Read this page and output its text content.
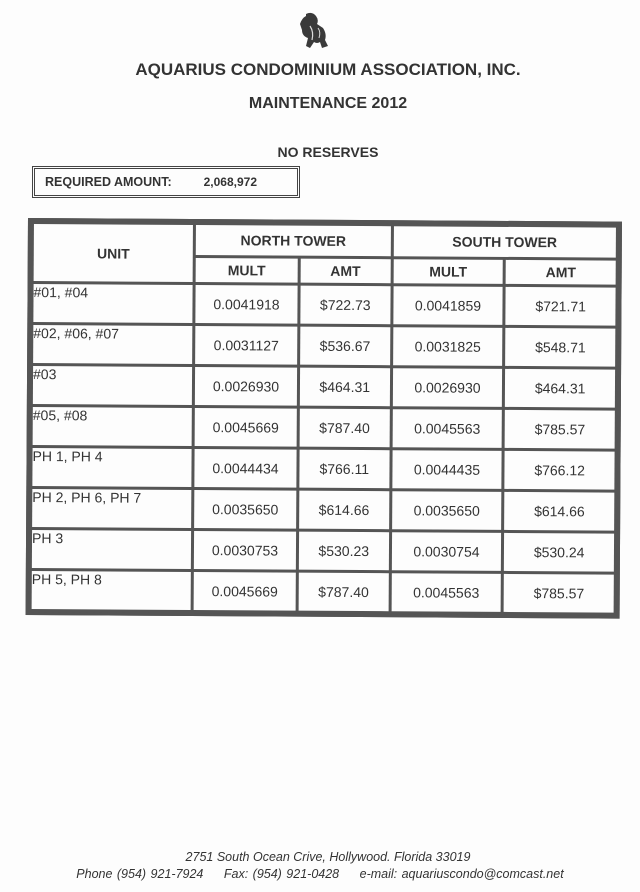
AQUARIUS CONDOMINIUM ASSOCIATION, INC.
MAINTENANCE 2012
NO RESERVES
REQUIRED AMOUNT:	2,068,972
UNIT	NORTH TOWER		SOUTH TOWER	
	MULT	AMT	MULT	AMT
#01, #04	0.0041918	$722.73	0.0041859	$721.71
#02, #06, #07	0.0031127	$536.67	0.0031825	$548.71
#03	0.0026930	$464.31	0.0026930	$464.31
#05, #08	0.0045669	$787.40	0.0045563	$785.57
PH 1, PH 4	0.0044434	$766.11	0.0044435	$766.12
PH 2, PH 6, PH 7	0.0035650	$614.66	0.0035650	$614.66
PH 3	0.0030753	$530.23	0.0030754	$530.24
PH 5, PH 8	0.0045669	$787.40	0.0045563	$785.57
2751 South Ocean Crive, Hollywood. Florida 33019
Phone (954) 921-7924 Fax: (954) 921-0428 e-mail: aquariuscondo@comcast.net
